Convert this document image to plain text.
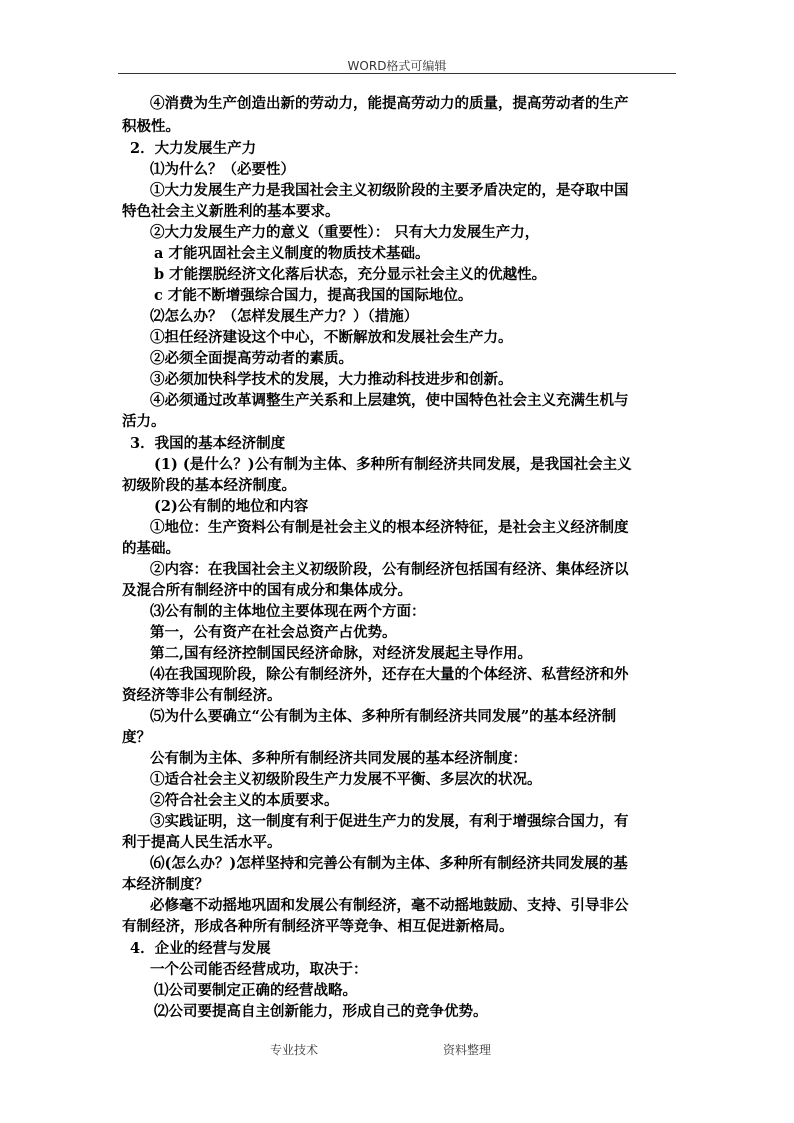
WORD格式可编辑
④消费为生产创造出新的劳动力，能提高劳动力的质量，提高劳动者的生产
积极性。
2．大力发展生产力
⑴为什么？（必要性）
①大力发展生产力是我国社会主义初级阶段的主要矛盾决定的，是夺取中国
特色社会主义新胜利的基本要求。
②大力发展生产力的意义（重要性）： 只有大力发展生产力，
a 才能巩固社会主义制度的物质技术基础。
b 才能摆脱经济文化落后状态，充分显示社会主义的优越性。
c 才能不断增强综合国力，提高我国的国际地位。
⑵怎么办？（怎样发展生产力？）（措施）
①担任经济建设这个中心，不断解放和发展社会生产力。
②必须全面提高劳动者的素质。
③必须加快科学技术的发展，大力推动科技进步和创新。
④必须通过改革调整生产关系和上层建筑，使中国特色社会主义充满生机与
活力。
3．我国的基本经济制度
(1) (是什么？)公有制为主体、多种所有制经济共同发展，是我国社会主义
初级阶段的基本经济制度。
(2)公有制的地位和内容
①地位：生产资料公有制是社会主义的根本经济特征，是社会主义经济制度
的基础。
②内容：在我国社会主义初级阶段，公有制经济包括国有经济、集体经济以
及混合所有制经济中的国有成分和集体成分。
⑶公有制的主体地位主要体现在两个方面：
第一，公有资产在社会总资产占优势。
第二,国有经济控制国民经济命脉，对经济发展起主导作用。
⑷在我国现阶段，除公有制经济外，还存在大量的个体经济、私营经济和外
资经济等非公有制经济。
⑸为什么要确立“公有制为主体、多种所有制经济共同发展”的基本经济制
度？
公有制为主体、多种所有制经济共同发展的基本经济制度：
①适合社会主义初级阶段生产力发展不平衡、多层次的状况。
②符合社会主义的本质要求。
③实践证明，这一制度有利于促进生产力的发展，有利于增强综合国力，有
利于提高人民生活水平。
⑹(怎么办？)怎样坚持和完善公有制为主体、多种所有制经济共同发展的基
本经济制度？
必修毫不动摇地巩固和发展公有制经济，毫不动摇地鼓励、支持、引导非公
有制经济，形成各种所有制经济平等竞争、相互促进新格局。
4．企业的经营与发展
一个公司能否经营成功，取决于：
⑴公司要制定正确的经营战略。
⑵公司要提高自主创新能力，形成自己的竞争优势。
专业技术	资料整理
